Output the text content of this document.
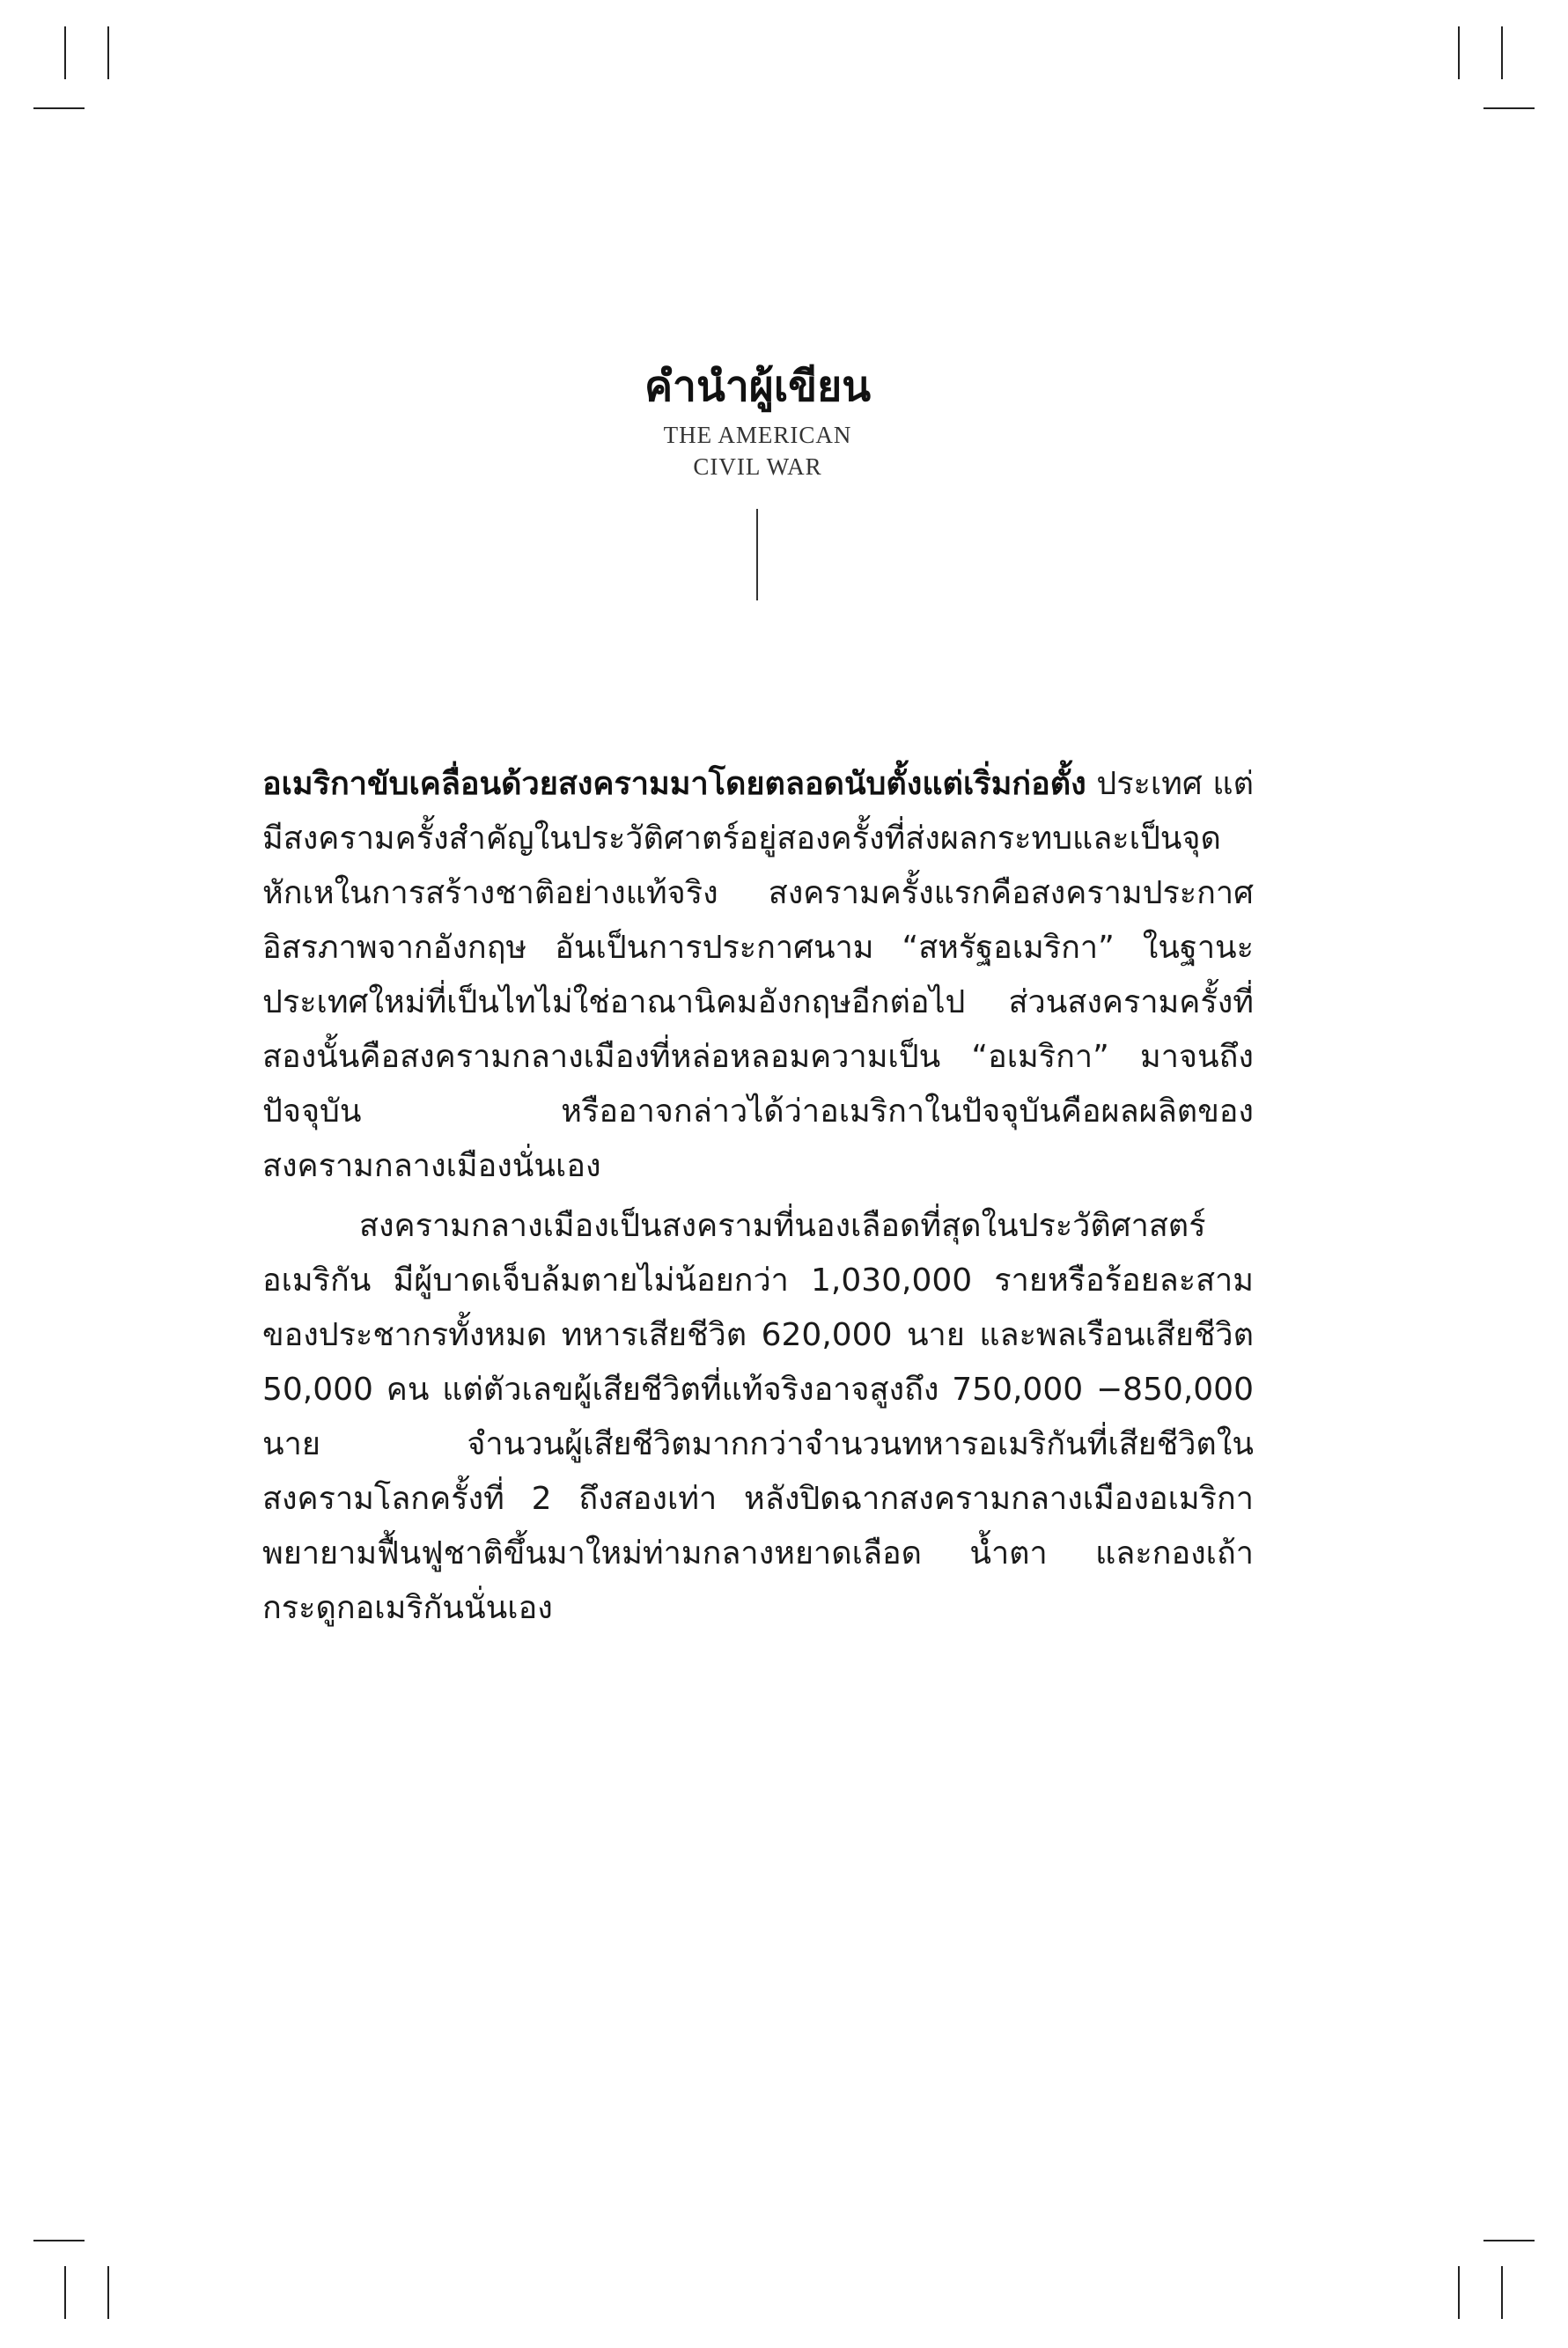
คำนำผู้เขียน
THE AMERICAN
CIVIL WAR

อเมริกาขับเคลื่อนด้วยสงครามมาโดยตลอดนับตั้งแต่เริ่มก่อตั้ง ประเทศ แต่มีสงครามครั้งสำคัญในประวัติศาตร์อยู่สองครั้งที่ส่งผลกระทบและเป็นจุดหักเหในการสร้างชาติอย่างแท้จริง สงครามครั้งแรกคือสงครามประกาศอิสรภาพจากอังกฤษ อันเป็นการประกาศนาม “สหรัฐอเมริกา” ในฐานะประเทศใหม่ที่เป็นไทไม่ใช่อาณานิคมอังกฤษอีกต่อไป ส่วนสงครามครั้งที่สองนั้นคือสงครามกลางเมืองที่หล่อหลอมความเป็น “อเมริกา” มาจนถึงปัจจุบัน หรืออาจกล่าวได้ว่าอเมริกาในปัจจุบันคือผลผลิตของสงครามกลางเมืองนั่นเอง

สงครามกลางเมืองเป็นสงครามที่นองเลือดที่สุดในประวัติศาสตร์อเมริกัน มีผู้บาดเจ็บล้มตายไม่น้อยกว่า 1,030,000 รายหรือร้อยละสามของประชากรทั้งหมด ทหารเสียชีวิต 620,000 นาย และพลเรือนเสียชีวิต 50,000 คน แต่ตัวเลขผู้เสียชีวิตที่แท้จริงอาจสูงถึง 750,000 −850,000 นาย จำนวนผู้เสียชีวิตมากกว่าจำนวนทหารอเมริกันที่เสียชีวิตในสงครามโลกครั้งที่ 2 ถึงสองเท่า หลังปิดฉากสงครามกลางเมืองอเมริกาพยายามฟื้นฟูชาติขึ้นมาใหม่ท่ามกลางหยาดเลือด น้ำตา และกองเถ้ากระดูกอเมริกันนั่นเอง
